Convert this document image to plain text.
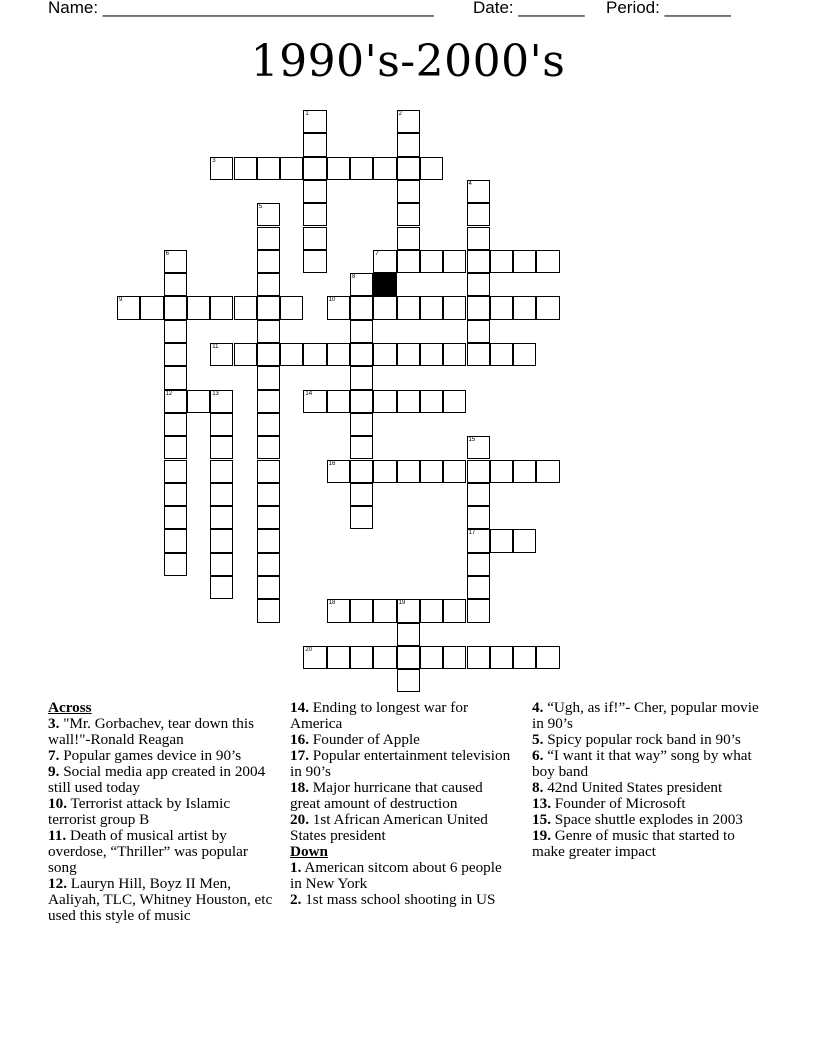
Name: ___________________________________ Date: _______ Period: _______
1990's-2000's
1	2
3
4
5
6
12
7
8
9	10
11
13	14
15
17
16
18	19
20
Across
3. "Mr. Gorbachev, tear down this wall!"-Ronald Reagan
7. Popular games device in 90’s
9. Social media app created in 2004 still used today
10. Terrorist attack by Islamic terrorist group B
11. Death of musical artist by overdose, “Thriller” was popular song
12. Lauryn Hill, Boyz II Men, Aaliyah, TLC, Whitney Houston, etc used this style of music
14. Ending to longest war for America
16. Founder of Apple
17. Popular entertainment television in 90’s
18. Major hurricane that caused great amount of destruction
20. 1st African American United States president
Down
1. American sitcom about 6 people in New York
2. 1st mass school shooting in US
4. “Ugh, as if!”- Cher, popular movie in 90’s
5. Spicy popular rock band in 90’s
6. “I want it that way” song by what boy band
8. 42nd United States president
13. Founder of Microsoft
15. Space shuttle explodes in 2003
19. Genre of music that started to make greater impact
